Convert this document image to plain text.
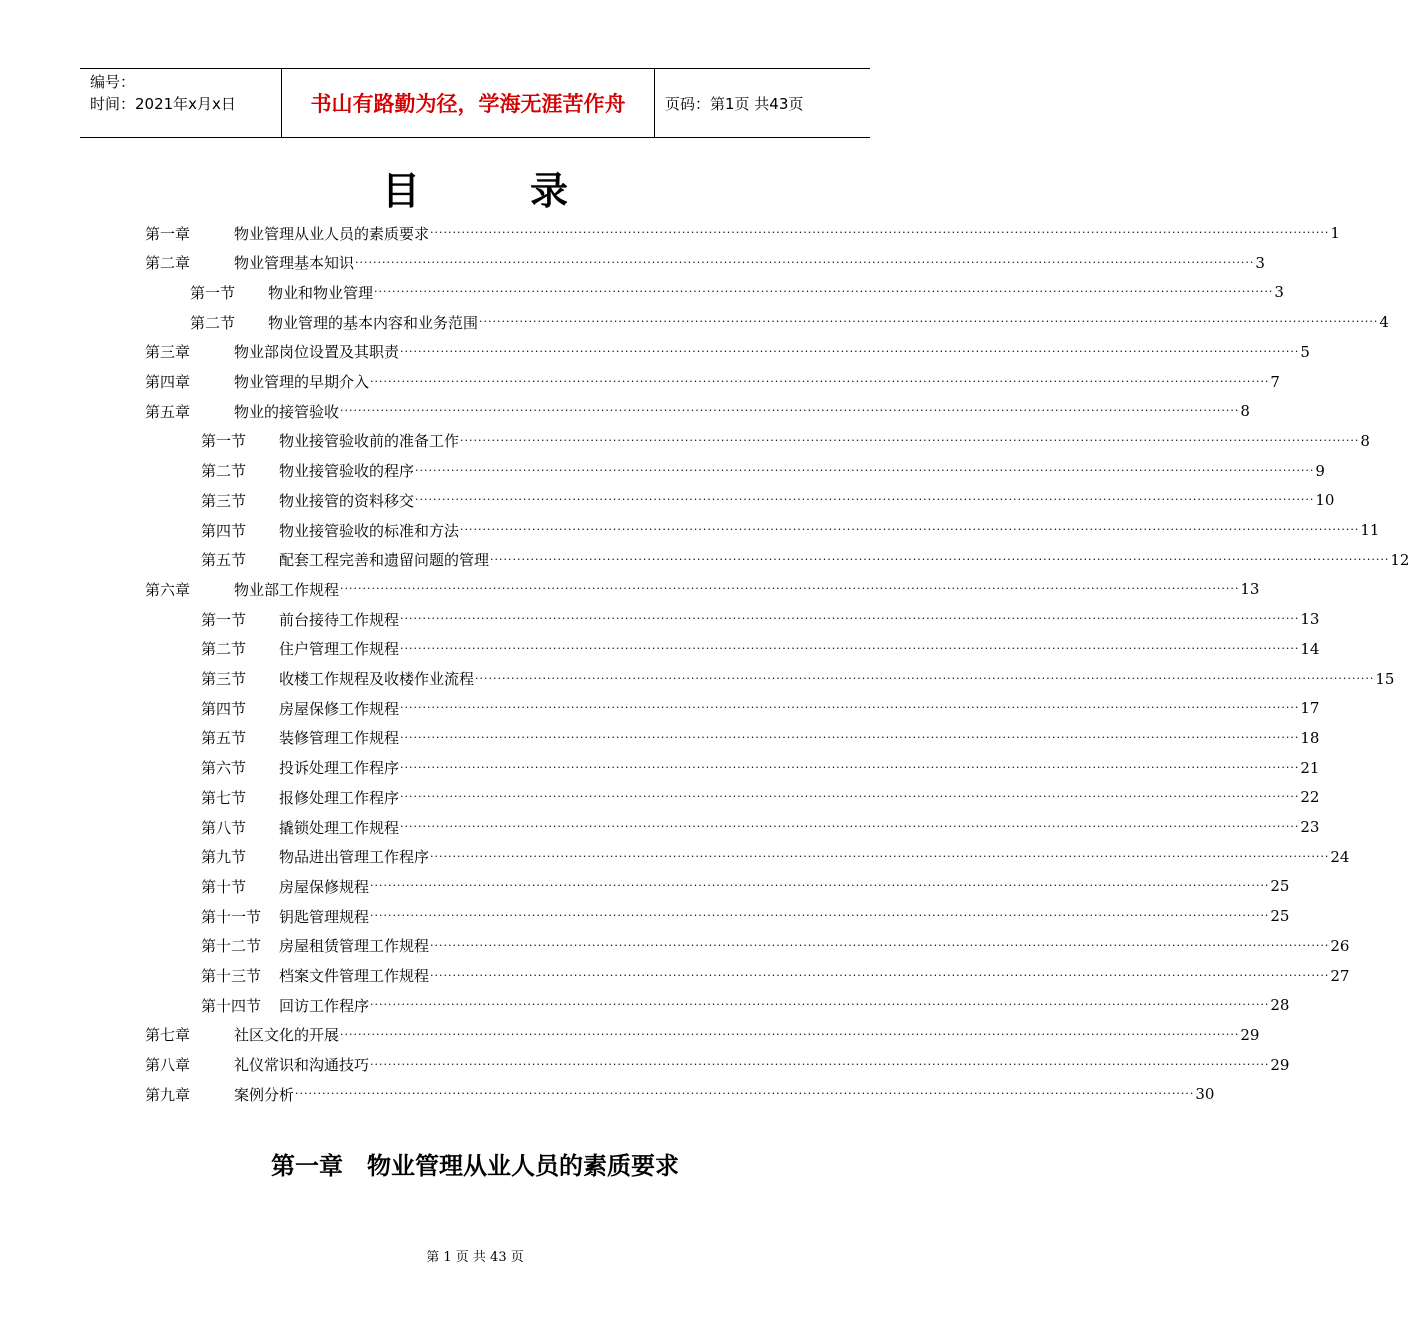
编号：
时间：2021年x月x日	书山有路勤为径，学海无涯苦作舟	页码：第1页 共43页
目	录
第一章	物业管理从业人员的素质要求 ········································································································································································································ 1
第二章	物业管理基本知识 ········································································································································································································ 3
第一节	物业和物业管理 ········································································································································································································ 3
第二节	物业管理的基本内容和业务范围 ········································································································································································································ 4
第三章	物业部岗位设置及其职责 ········································································································································································································ 5
第四章	物业管理的早期介入 ········································································································································································································ 7
第五章	物业的接管验收 ········································································································································································································ 8
第一节	物业接管验收前的准备工作 ········································································································································································································ 8
第二节	物业接管验收的程序 ········································································································································································································ 9
第三节	物业接管的资料移交 ········································································································································································································ 10
第四节	物业接管验收的标准和方法 ········································································································································································································ 11
第五节	配套工程完善和遗留问题的管理 ········································································································································································································ 12
第六章	物业部工作规程 ········································································································································································································ 13
第一节	前台接待工作规程 ········································································································································································································ 13
第二节	住户管理工作规程 ········································································································································································································ 14
第三节	收楼工作规程及收楼作业流程 ········································································································································································································ 15
第四节	房屋保修工作规程 ········································································································································································································ 17
第五节	装修管理工作规程 ········································································································································································································ 18
第六节	投诉处理工作程序 ········································································································································································································ 21
第七节	报修处理工作程序 ········································································································································································································ 22
第八节	撬锁处理工作规程 ········································································································································································································ 23
第九节	物品进出管理工作程序 ········································································································································································································ 24
第十节	房屋保修规程 ········································································································································································································ 25
第十一节	钥匙管理规程 ········································································································································································································ 25
第十二节	房屋租赁管理工作规程 ········································································································································································································ 26
第十三节	档案文件管理工作规程 ········································································································································································································ 27
第十四节	回访工作程序 ········································································································································································································ 28
第七章	社区文化的开展 ········································································································································································································ 29
第八章	礼仪常识和沟通技巧 ········································································································································································································ 29
第九章	案例分析 ········································································································································································································ 30
第一章　物业管理从业人员的素质要求
第 1 页 共 43 页
